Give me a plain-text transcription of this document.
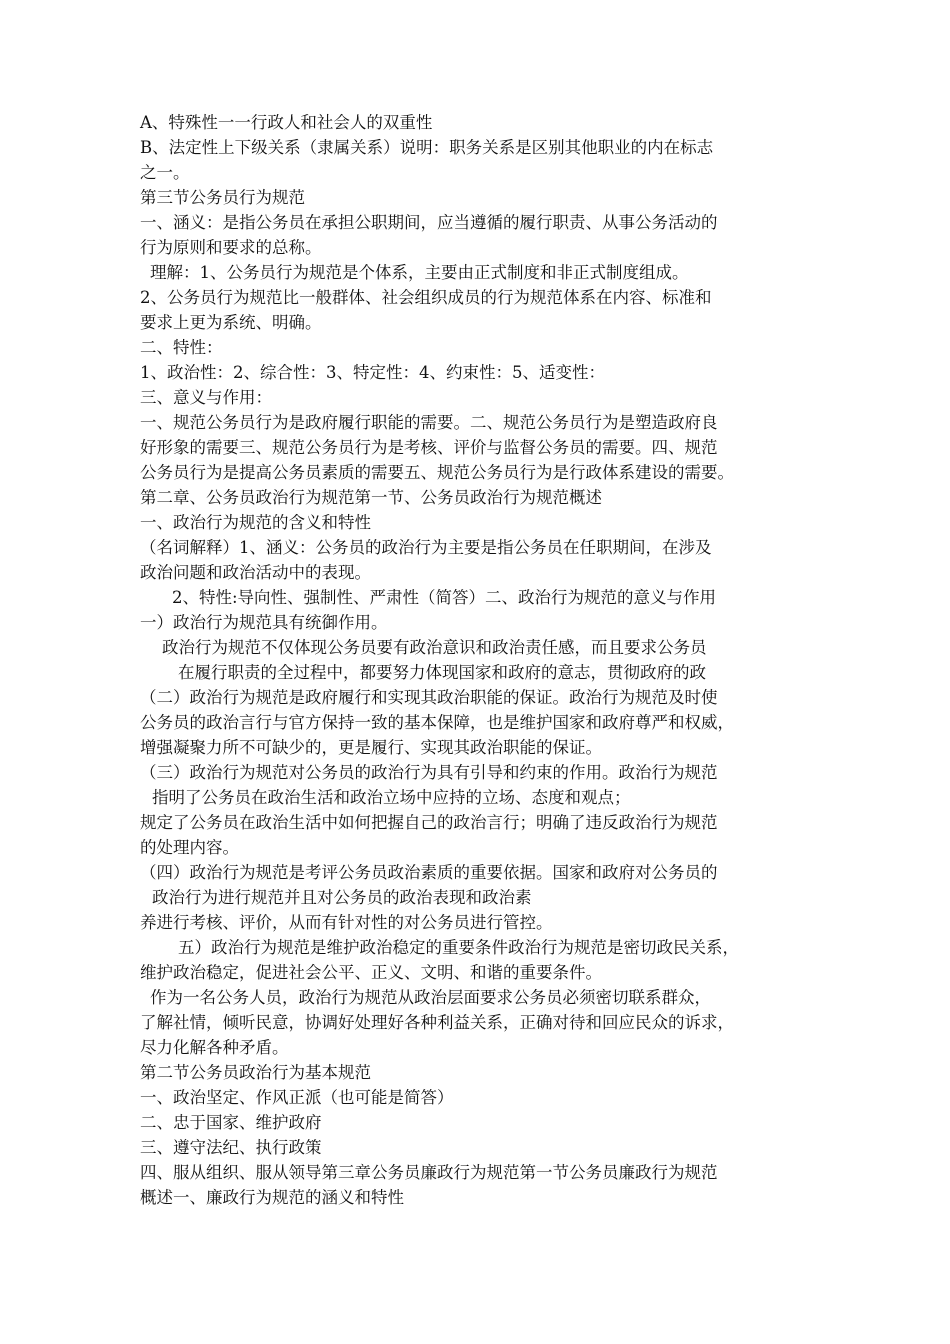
A、特殊性一一行政人和社会人的双重性
B、法定性上下级关系（隶属关系）说明：职务关系是区别其他职业的内在标志
之一。
第三节公务员行为规范
一、涵义：是指公务员在承担公职期间，应当遵循的履行职责、从事公务活动的
行为原则和要求的总称。
理解：1、公务员行为规范是个体系，主要由正式制度和非正式制度组成。
2、公务员行为规范比一般群体、社会组织成员的行为规范体系在内容、标准和
要求上更为系统、明确。
二、特性：
1、政治性：2、综合性：3、特定性：4、约束性：5、适变性：
三、意义与作用：
一、规范公务员行为是政府履行职能的需要。二、规范公务员行为是塑造政府良
好形象的需要三、规范公务员行为是考核、评价与监督公务员的需要。四、规范
公务员行为是提高公务员素质的需要五、规范公务员行为是行政体系建设的需要。
第二章、公务员政治行为规范第一节、公务员政治行为规范概述
一、政治行为规范的含义和特性
（名词解释）1、涵义：公务员的政治行为主要是指公务员在任职期间，在涉及
政治问题和政治活动中的表现。
2、特性:导向性、强制性、严肃性（简答）二、政治行为规范的意义与作用
一）政治行为规范具有统御作用。
政治行为规范不仅体现公务员要有政治意识和政治责任感，而且要求公务员
在履行职责的全过程中，都要努力体现国家和政府的意志，贯彻政府的政
（二）政治行为规范是政府履行和实现其政治职能的保证。政治行为规范及时使
公务员的政治言行与官方保持一致的基本保障，也是维护国家和政府尊严和权威，
增强凝聚力所不可缺少的，更是履行、实现其政治职能的保证。
（三）政治行为规范对公务员的政治行为具有引导和约束的作用。政治行为规范
指明了公务员在政治生活和政治立场中应持的立场、态度和观点；
规定了公务员在政治生活中如何把握自己的政治言行；明确了违反政治行为规范
的处理内容。
（四）政治行为规范是考评公务员政治素质的重要依据。国家和政府对公务员的
政治行为进行规范并且对公务员的政治表现和政治素
养进行考核、评价，从而有针对性的对公务员进行管控。
五）政治行为规范是维护政治稳定的重要条件政治行为规范是密切政民关系，
维护政治稳定，促进社会公平、正义、文明、和谐的重要条件。
作为一名公务人员，政治行为规范从政治层面要求公务员必须密切联系群众，
了解社情，倾听民意，协调好处理好各种利益关系，正确对待和回应民众的诉求，
尽力化解各种矛盾。
第二节公务员政治行为基本规范
一、政治坚定、作风正派（也可能是简答）
二、忠于国家、维护政府
三、遵守法纪、执行政策
四、服从组织、服从领导第三章公务员廉政行为规范第一节公务员廉政行为规范
概述一、廉政行为规范的涵义和特性
